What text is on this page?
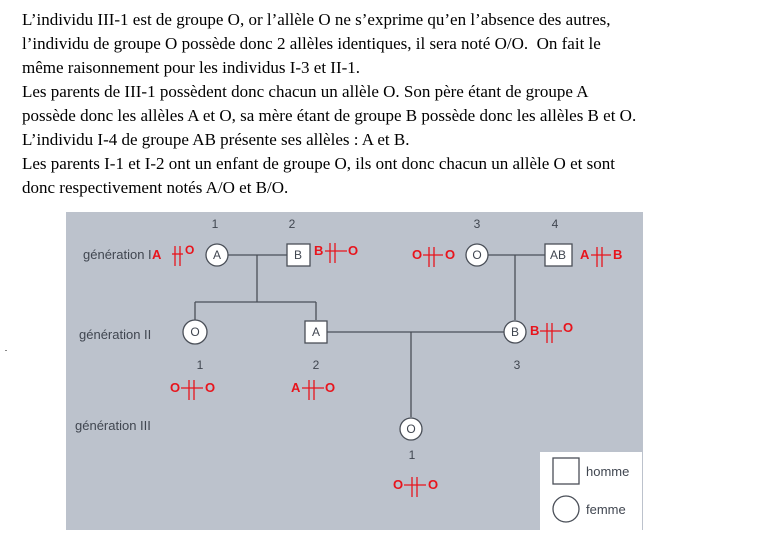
L’individu III-1 est de groupe O, or l’allèle O ne s’exprime qu’en l’absence des autres,

l’individu de groupe O possède donc 2 allèles identiques, il sera noté O/O.  On fait le

même raisonnement pour les individus I-3 et II-1.

Les parents de III-1 possèdent donc chacun un allèle O. Son père étant de groupe A

possède donc les allèles A et O, sa mère étant de groupe B possède donc les allèles B et O.

L’individu I-4 de groupe AB présente ses allèles : A et B.

Les parents I-1 et I-2 ont un enfant de groupe O, ils ont donc chacun un allèle O et sont

donc respectivement notés A/O et B/O.

génération I
génération II
génération III
1	2	3	4
1	2	3
1
A	B	O	AB
O	A	B
O
A O	B O	O O	A B
O O	A O
B O
O O
homme
femme
